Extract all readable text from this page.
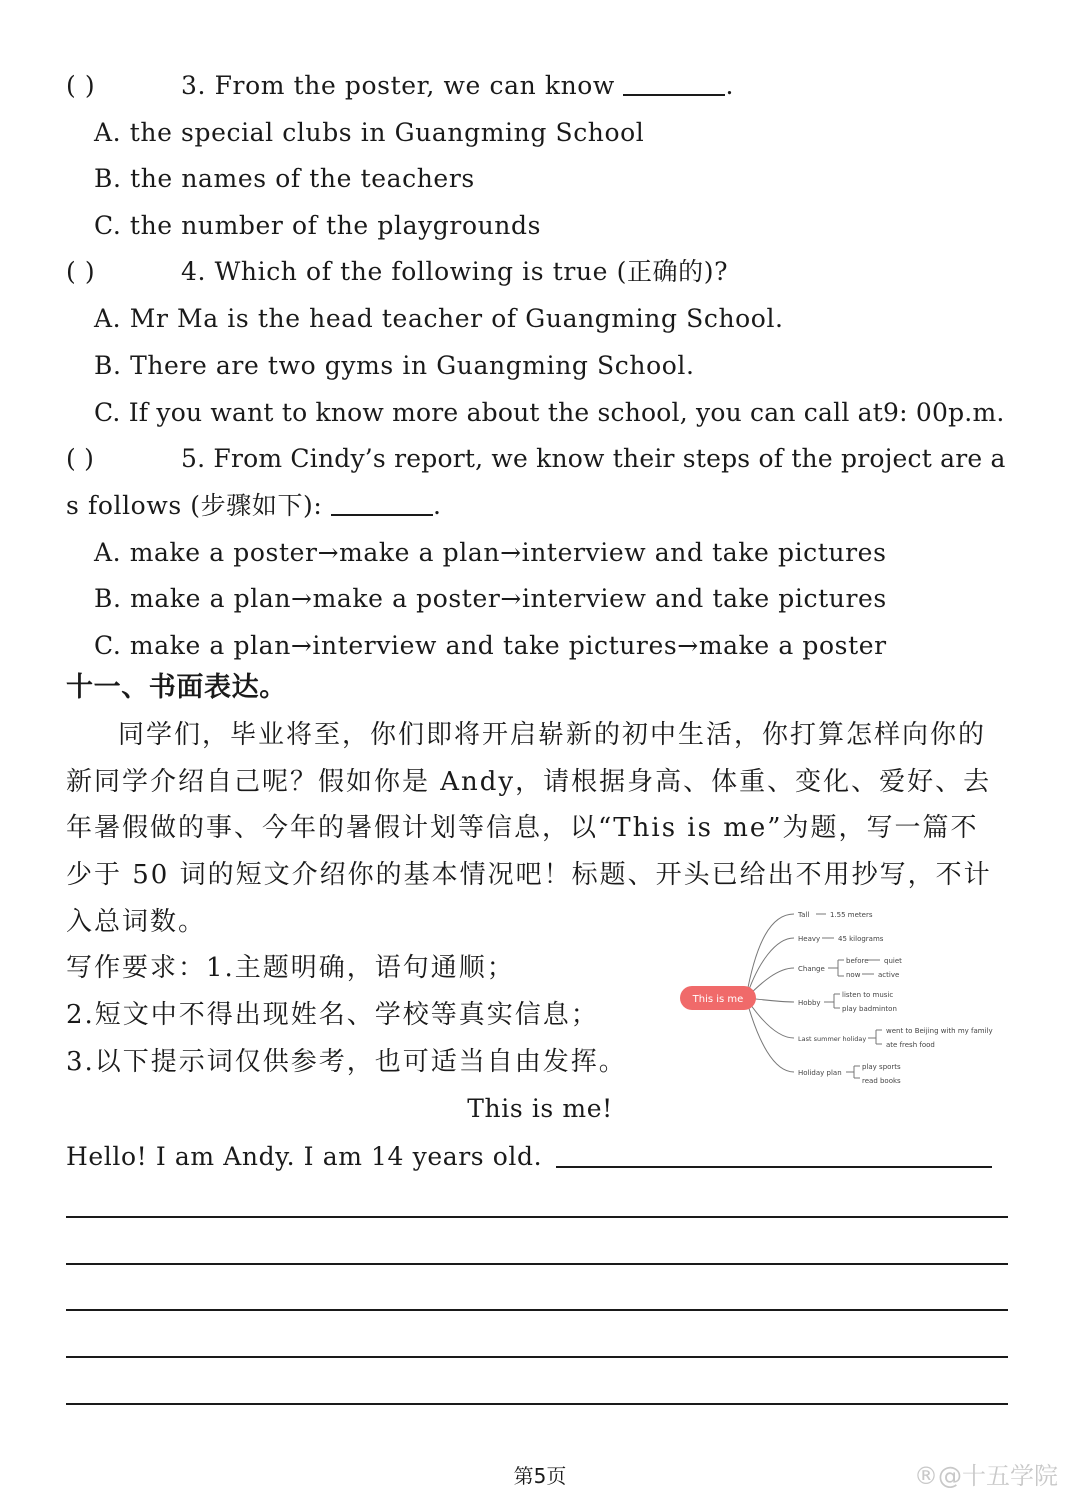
( )	3. From the poster, we can know	.
A. the special clubs in Guangming School
B. the names of the teachers
C. the number of the playgrounds
( )	4. Which of the following is true (正确的)?
A. Mr Ma is the head teacher of Guangming School.
B. There are two gyms in Guangming School.
C. If you want to know more about the school, you can call at9: 00p.m.
( )	5. From Cindy’s report, we know their steps of the project are a
s follows (步骤如下):	.
A. make a poster→make a plan→interview and take pictures
B. make a plan→make a poster→interview and take pictures
C. make a plan→interview and take pictures→make a poster
十一、书面表达。
同学们，毕业将至，你们即将开启崭新的初中生活，你打算怎样向你的
新同学介绍自己呢？假如你是 Andy，请根据身高、体重、变化、爱好、去
年暑假做的事、今年的暑假计划等信息，以“This is me”为题，写一篇不
少于 50 词的短文介绍你的基本情况吧！标题、开头已给出不用抄写，不计
入总词数。
写作要求：1.主题明确，语句通顺；
2.短文中不得出现姓名、学校等真实信息；
3.以下提示词仅供参考，也可适当自由发挥。
This is me
Tall	1.55 meters
Heavy	45 kilograms
Change
before quiet
now	active
Hobby
listen to music
play badminton
Last summer holiday
went to Beijing with my family
ate fresh food
Holiday plan
play sports
read books
This is me!
Hello! I am Andy. I am 14 years old.
第5页	®@十五学院
